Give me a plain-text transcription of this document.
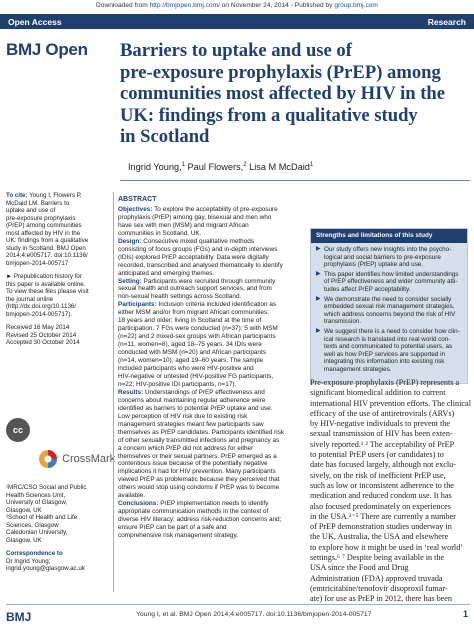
Downloaded from http://bmjopen.bmj.com/ on November 24, 2014 - Published by group.bmj.com
Open Access	Research
BMJ Open Barriers to uptake and use of
pre-exposure prophylaxis (PrEP) among
communities most affected by HIV in the
UK: findings from a qualitative study
in Scotland
Ingrid Young,$^1$ Paul Flowers,$^2$ Lisa M McDaid$^1$
To cite: Young I, Flowers P,
McDaid LM. Barriers to
uptake and use of
pre-exposure prophylaxis
(PrEP) among communities
most affected by HIV in the
UK: findings from a qualitative
study in Scotland. BMJ Open
2014;4:e005717. doi:10.1136/
bmjopen-2014-005717
► Prepublication history for
this paper is available online.
To view these files please visit
the journal online
(http://dx.doi.org/10.1136/
bmjopen-2014-005717).
Received 16 May 2014
Revised 25 October 2014
Accepted 30 October 2014
cc
CrossMark
¹MRC/CSO Social and Public
Health Sciences Unit,
University of Glasgow,
Glasgow, UK
²School of Health and Life
Sciences, Glasgow
Caledonian University,
Glasgow, UK
Correspondence to
Dr Ingrid Young;
ingrid.young@glasgow.ac.uk
ABSTRACT
Objectives: To explore the acceptability of pre-exposure
prophylaxis (PrEP) among gay, bisexual and men who
have sex with men (MSM) and migrant African
communities in Scotland, UK.
Design: Consecutive mixed qualitative methods
consisting of focus groups (FGs) and in-depth interviews
(IDIs) explored PrEP acceptability. Data were digitally
recorded, transcribed and analysed thematically to identify
anticipated and emerging themes.
Setting: Participants were recruited through community
sexual health and outreach support services, and from
non-sexual health settings across Scotland.
Participants: Inclusion criteria included identification as
either MSM and/or from migrant African communities;
18 years and older; living in Scotland at the time of
participation. 7 FGs were conducted (n=37): 5 with MSM
(n=22) and 2 mixed-sex groups with African participants
(n=11, women=8), aged 18–75 years. 34 IDIs were
conducted with MSM (n=20) and African participants
(n=14, women=10), aged 19–60 years. The sample
included participants who were HIV-positive and
HIV-negative or untested (HIV-positive FG participants,
n=22; HIV-positive IDI participants, n=17).
Results: Understandings of PrEP effectiveness and
concerns about maintaining regular adherence were
identified as barriers to potential PrEP uptake and use.
Low perception of HIV risk due to existing risk
management strategies meant few participants saw
themselves as PrEP candidates. Participants identified risk
of other sexually transmitted infections and pregnancy as
a concern which PrEP did not address for either
themselves or their sexual partners. PrEP emerged as a
contentious issue because of the potentially negative
implications it had for HIV prevention. Many participants
viewed PrEP as problematic because they perceived that
others would stop using condoms if PrEP was to become
available.
Conclusions: PrEP implementation needs to identify
appropriate communication methods in the context of
diverse HIV literacy; address risk-reduction concerns and;
ensure PrEP can be part of a safe and
comprehensive risk management strategy.
Strengths and limitations of this study
▶ Our study offers new insights into the psycho-
logical and social barriers to pre-exposure
prophylaxis (PrEP) uptake and use.
▶ This paper identifies how limited understandings
of PrEP effectiveness and wider community atti-
tudes affect PrEP acceptability.
▶ We demonstrate the need to consider socially
embedded sexual risk management strategies,
which address concerns beyond the risk of HIV
transmission.
▶ We suggest there is a need to consider how clin-
ical research is translated into real world con-
texts and communicated to potential users, as
well as how PrEP services are supported in
integrating this information into existing risk
management strategies.
Pre-exposure prophylaxis (PrEP) represents a
significant biomedical addition to current
international HIV prevention efforts. The clinical
efficacy of the use of antiretrovirals (ARVs)
by HIV-negative individuals to prevent the
sexual transmission of HIV has been exten-
sively reported.¹ ² The acceptability of PrEP
to potential PrEP users (or candidates) to
date has focused largely, although not exclu-
sively, on the risk of inefficient PrEP use,
such as low or inconsistent adherence to the
medication and reduced condom use. It has
also focused predominately on experiences
in the USA.³⁻⁵ There are currently a number
of PrEP demonstration studies underway in
the UK, Australia, the USA and elsewhere
to explore how it might be used in ‘real world’
settings.⁶ ⁷ Despite being available in the
USA since the Food and Drug
Administration (FDA) approved truvada
(emtricitabine/tenofovir disoproxil fumar-
ate) for use as PrEP in 2012, there has been
BMJ	Young I, et al. BMJ Open 2014;4:e005717. doi:10.1136/bmjopen-2014-005717	1
